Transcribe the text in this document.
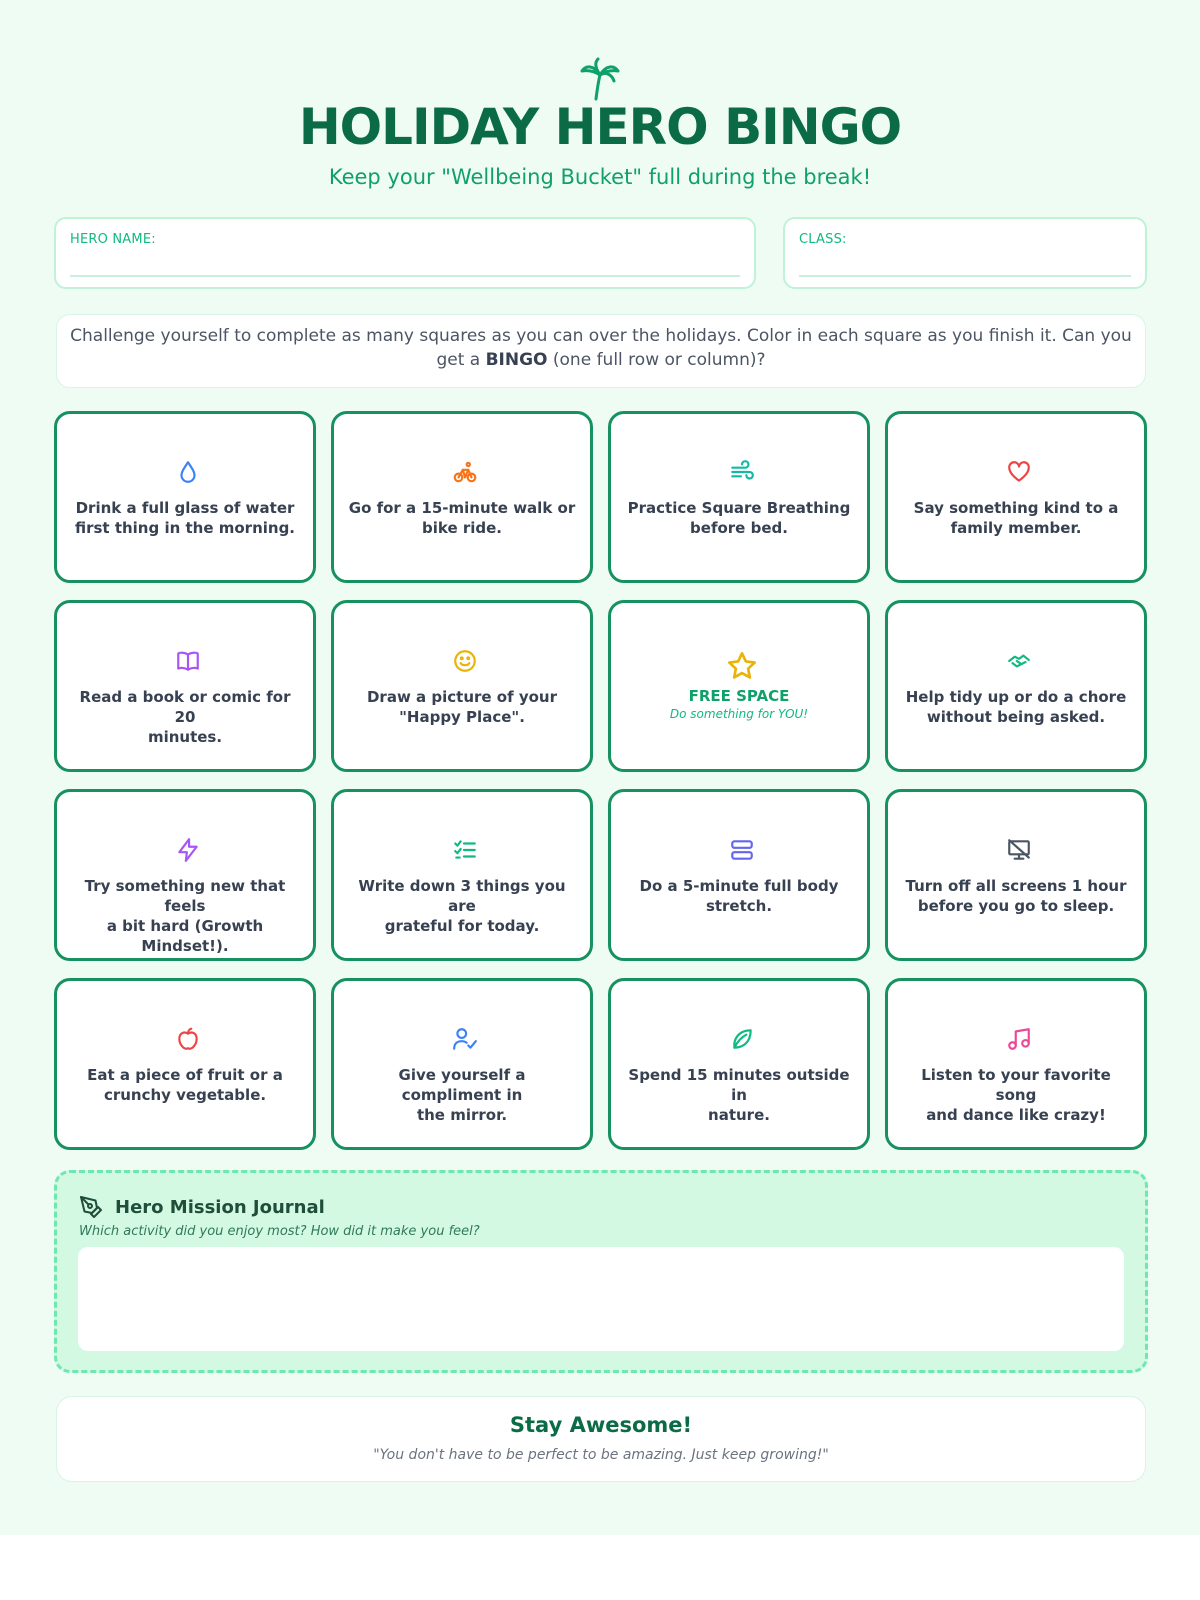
HOLIDAY HERO BINGO
Keep your "Wellbeing Bucket" full during the break!
HERO NAME:	CLASS:
Challenge yourself to complete as many squares as you can over the holidays. Color in each square as you finish it. Can you get a BINGO (one full row or column)?
Drink a full glass of water
first thing in the morning.
Go for a 15-minute walk or
bike ride.
Practice Square Breathing
before bed.
Say something kind to a
family member.
Read a book or comic for 20
minutes.
Draw a picture of your
"Happy Place".
FREE SPACE
Do something for YOU!
Help tidy up or do a chore
without being asked.
Try something new that feels
a bit hard (Growth Mindset!).
Write down 3 things you are
grateful for today.
Do a 5-minute full body
stretch.
Turn off all screens 1 hour
before you go to sleep.
Eat a piece of fruit or a
crunchy vegetable.
Give yourself a compliment in
the mirror.
Spend 15 minutes outside in
nature.
Listen to your favorite song
and dance like crazy!
Hero Mission Journal
Which activity did you enjoy most? How did it make you feel?
Stay Awesome!
"You don't have to be perfect to be amazing. Just keep growing!"
